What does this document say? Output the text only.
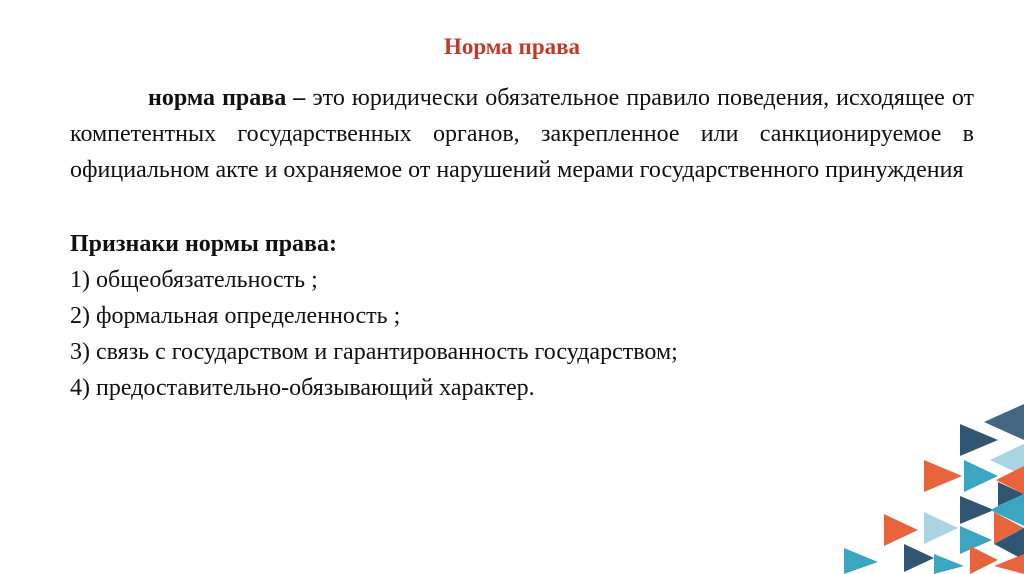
Норма права
норма права – это юридически обязательное правило поведения, исходящее от компетентных государственных органов, закрепленное или санкционируемое в официальном акте и охраняемое от нарушений мерами государственного принуждения
Признаки нормы права:
1) общеобязательность ;
2) формальная определенность ;
3) связь с государством и гарантированность государством;
4) предоставительно-обязывающий характер.
